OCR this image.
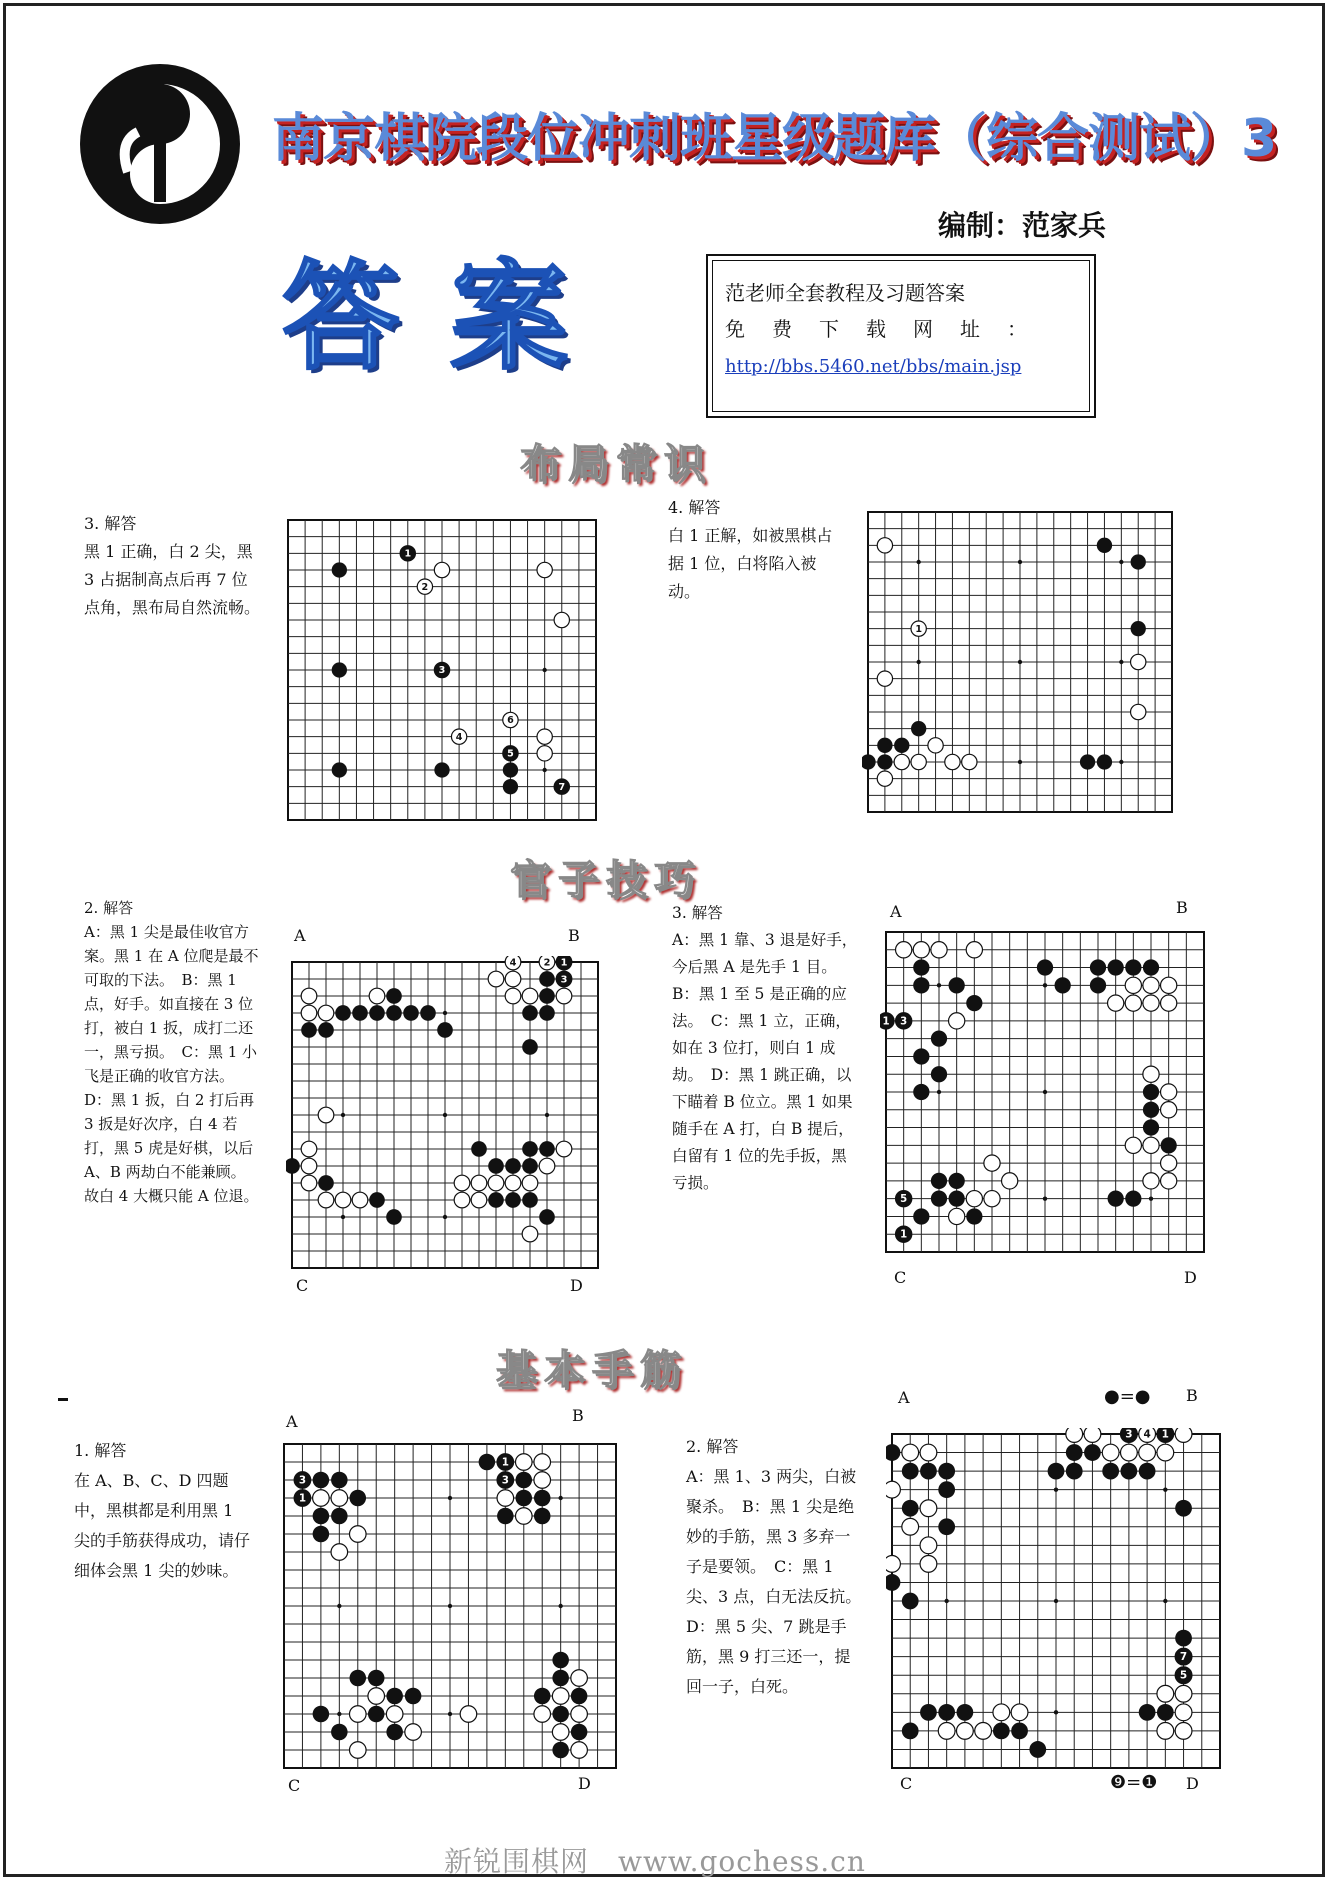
南京棋院段位冲刺班星级题库（综合测试）3
编制：范家兵
答案	范老师全套教程及习题答案
免费下载网址：
http://bbs.5460.net/bbs/main.jsp
布局常识
官子技巧
基本手筋
3. 解答
黑 1 正确，白 2 尖，黑 3 占据制高点后再 7 位点角，黑布局自然流畅。
4. 解答
白 1 正解，如被黑棋占据 1 位，白将陷入被动。
2. 解答
A：黑 1 尖是最佳收官方案。黑 1 在 A 位爬是最不可取的下法。　B：黑 1 点，好手。如直接在 3 位打，被白 1 扳，成打二还一，黑亏损。　C：黑 1 小飞是正确的收官方法。　D：黑 1 扳，白 2 打后再 3 扳是好次序，白 4 若打，黑 5 虎是好棋，以后 A、B 两劫白不能兼顾。故白 4 大概只能 A 位退。
3. 解答
A：黑 1 靠、3 退是好手，今后黑 A 是先手 1 目。　B：黑 1 至 5 是正确的应法。　C：黑 1 立，正确，如在 3 位打，则白 1 成劫。　D：黑 1 跳正确，以下瞄着 B 位立。黑 1 如果随手在 A 打，白 B 提后，白留有 1 位的先手扳，黑亏损。
1. 解答
在 A、B、C、D 四题中，黑棋都是利用黑 1 尖的手筋获得成功，请仔细体会黑 1 尖的妙味。
2. 解答
A：黑 1、3 两尖，白被聚杀。　B：黑 1 尖是绝妙的手筋，黑 3 多弃一子是要领。　C：黑 1 尖、3 点，白无法反抗。　D：黑 5 尖、7 跳是手筋，黑 9 打三还一，提回一子，白死。
1
2
3
4
5
6
7
1
1
2
3
4
1 3
5
1
1
3
1
3
3 4 1
7
5
A	B
C	D
A	B
C	D
A	B
C	D
A	B
C	D
●=●
❾=❶
新锐围棋网　www.gochess.cn
